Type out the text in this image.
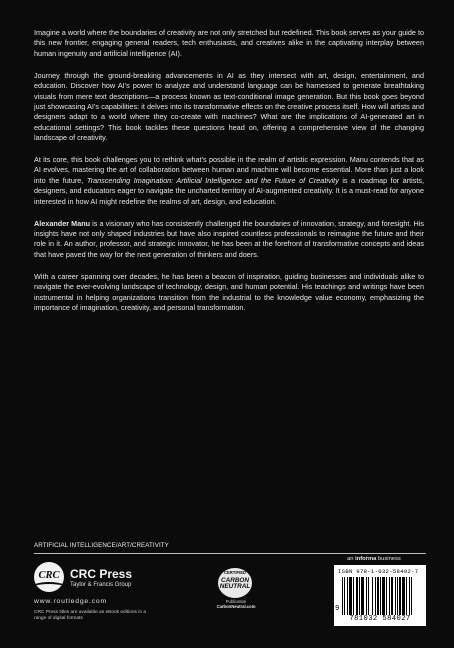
Imagine a world where the boundaries of creativity are not only stretched but redefined. This book serves as your guide to this new frontier, engaging general readers, tech enthusiasts, and creatives alike in the captivating interplay between human ingenuity and artificial intelligence (AI).

Journey through the ground-breaking advancements in AI as they intersect with art, design, entertainment, and education. Discover how AI’s power to analyze and understand language can be harnessed to generate breathtaking visuals from mere text descriptions—a process known as text-conditional image generation. But this book goes beyond just showcasing AI’s capabilities: it delves into its transformative effects on the creative process itself. How will artists and designers adapt to a world where they co-create with machines? What are the implications of AI-generated art in educational settings? This book tackles these questions head on, offering a comprehensive view of the changing landscape of creativity.

At its core, this book challenges you to rethink what’s possible in the realm of artistic expression. Manu contends that as AI evolves, mastering the art of collaboration between human and machine will become essential. More than just a look into the future, Transcending Imagination: Artificial Intelligence and the Future of Creativity is a roadmap for artists, designers, and educators eager to navigate the uncharted territory of AI-augmented creativity. It is a must-read for anyone interested in how AI might redefine the realms of art, design, and education.

Alexander Manu is a visionary who has consistently challenged the boundaries of innovation, strategy, and foresight. His insights have not only shaped industries but have also inspired countless professionals to reimagine the future and their role in it. An author, professor, and strategic innovator, he has been at the forefront of transformative concepts and ideas that have paved the way for the next generation of thinkers and doers.

With a career spanning over decades, he has been a beacon of inspiration, guiding businesses and individuals alike to navigate the ever-evolving landscape of technology, design, and human potential. His teachings and writings have been instrumental in helping organizations transition from the industrial to the knowledge value economy, emphasizing the importance of imagination, creativity, and personal transformation.

ARTIFICIAL INTELLIGENCE/ART/CREATIVITY
CRC CRC Press
Taylor & Francis Group
www.routledge.com
CRC Press titles are available as eBook editions in a range of digital formats
CERTIFIED
CARBON NEUTRAL
Publication
CarbonNeutral.com
an informa business
ISBN 978-1-032-58402-7
9
781032 584027
